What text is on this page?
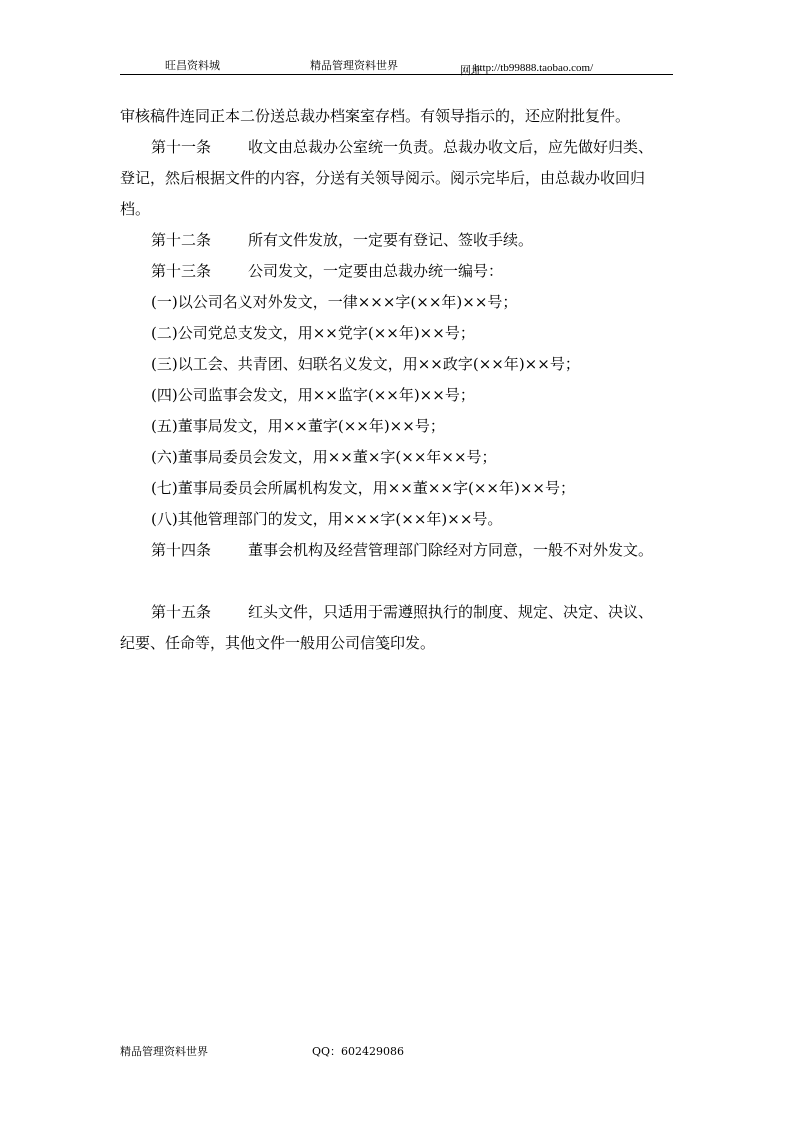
旺昌资料城	精品管理资料世界	网址

http://tb99888.taobao.com/

审核稿件连同正本二份送总裁办档案室存档。有领导指示的，还应附批复件。

第十一条 收文由总裁办公室统一负责。总裁办收文后，应先做好归类、

登记，然后根据文件的内容，分送有关领导阅示。阅示完毕后，由总裁办收回归

档。

第十二条 所有文件发放，一定要有登记、签收手续。

第十三条 公司发文，一定要由总裁办统一编号：

(一)以公司名义对外发文，一律×××字(××年)××号；

(二)公司党总支发文，用××党字(××年)××号；

(三)以工会、共青团、妇联名义发文，用××政字(××年)××号；

(四)公司监事会发文，用××监字(××年)××号；

(五)董事局发文，用××董字(××年)××号；

(六)董事局委员会发文，用××董×字(××年××号；

(七)董事局委员会所属机构发文，用××董××字(××年)××号；

(八)其他管理部门的发文，用×××字(××年)××号。

第十四条 董事会机构及经营管理部门除经对方同意，一般不对外发文。

第十五条 红头文件，只适用于需遵照执行的制度、规定、决定、决议、

纪要、任命等，其他文件一般用公司信笺印发。

精品管理资料世界	QQ：602429086
